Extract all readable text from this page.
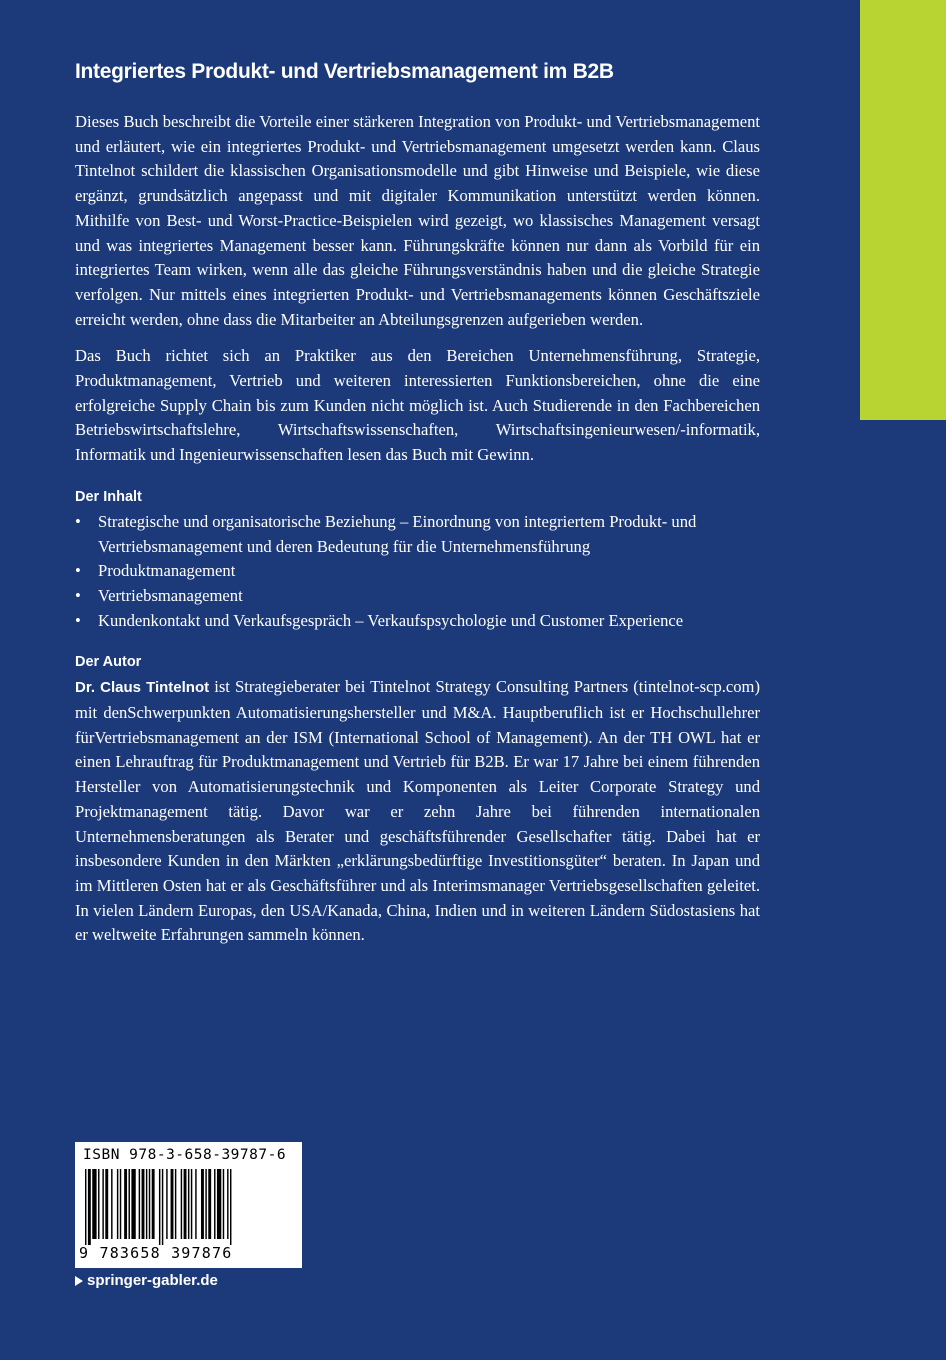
Integriertes Produkt- und Vertriebsmanagement im B2B

Dieses Buch beschreibt die Vorteile einer stärkeren Integration von Produkt- und Vertriebsmanagement und erläutert, wie ein integriertes Produkt- und Vertriebsmanagement umgesetzt werden kann. Claus Tintelnot schildert die klassischen Organisationsmodelle und gibt Hinweise und Beispiele, wie diese ergänzt, grundsätzlich angepasst und mit digitaler Kommunikation unterstützt werden können. Mithilfe von Best- und Worst-Practice-Beispielen wird gezeigt, wo klassisches Management versagt und was integriertes Management besser kann. Führungskräfte können nur dann als Vorbild für ein integriertes Team wirken, wenn alle das gleiche Führungsverständnis haben und die gleiche Strategie verfolgen. Nur mittels eines integrierten Produkt- und Vertriebsmanagements können Geschäftsziele erreicht werden, ohne dass die Mitarbeiter an Abteilungsgrenzen aufgerieben werden.

Das Buch richtet sich an Praktiker aus den Bereichen Unternehmensführung, Strategie, Produktmanagement, Vertrieb und weiteren interessierten Funktionsbereichen, ohne die eine erfolgreiche Supply Chain bis zum Kunden nicht möglich ist. Auch Studierende in den Fachbereichen Betriebswirtschaftslehre, Wirtschaftswissenschaften, Wirtschaftsingenieurwesen/-informatik, Informatik und Ingenieurwissenschaften lesen das Buch mit Gewinn.

Der Inhalt
• Strategische und organisatorische Beziehung – Einordnung von integriertem Produkt- und Vertriebsmanagement und deren Bedeutung für die Unternehmensführung
• Produktmanagement
• Vertriebsmanagement
• Kundenkontakt und Verkaufsgespräch – Verkaufspsychologie und Customer Experience
Der Autor

Dr. Claus Tintelnot ist Strategieberater bei Tintelnot Strategy Consulting Partners (tintelnot-scp.com) mit denSchwerpunkten Automatisierungshersteller und M&A. Hauptberuflich ist er Hochschullehrer fürVertriebsmanagement an der ISM (International School of Management). An der TH OWL hat er einen Lehrauftrag für Produktmanagement und Vertrieb für B2B. Er war 17 Jahre bei einem führenden Hersteller von Automatisierungstechnik und Komponenten als Leiter Corporate Strategy und Projektmanagement tätig. Davor war er zehn Jahre bei führenden internationalen Unternehmensberatungen als Berater und geschäftsführender Gesellschafter tätig. Dabei hat er insbesondere Kunden in den Märkten „erklärungsbedürftige Investitionsgüter“ beraten. In Japan und im Mittleren Osten hat er als Geschäftsführer und als Interimsmanager Vertriebsgesellschaften geleitet. In vielen Ländern Europas, den USA/Kanada, China, Indien und in weiteren Ländern Südostasiens hat er weltweite Erfahrungen sammeln können.

ISBN 978-3-658-39787-6
9 783658 397876
springer-gabler.de
